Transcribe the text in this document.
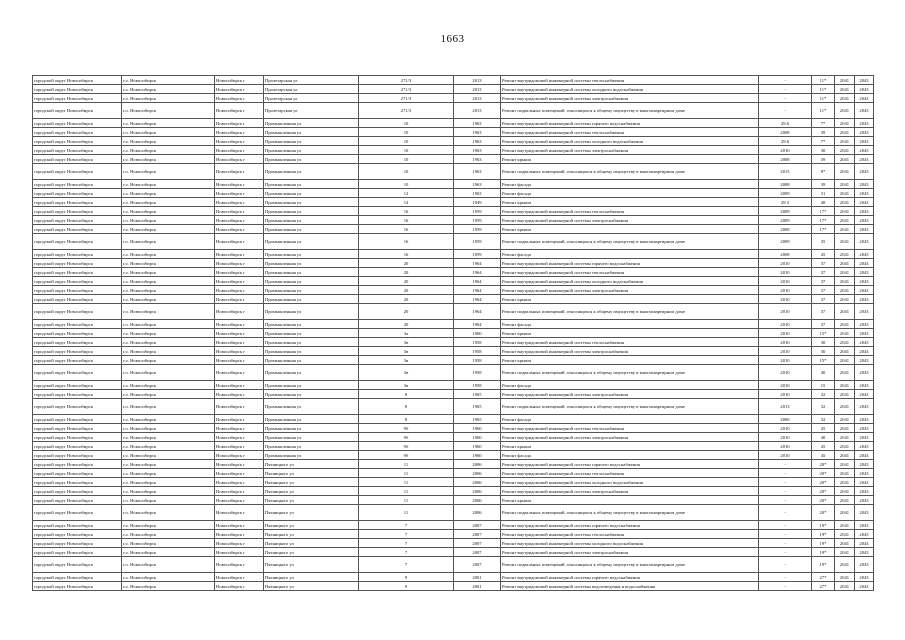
1663
городской округ Новосибирск	г.о. Новосибирск	Новосибирск г	Пролетарская ул	271/3	2013	Ремонт внутридомовой инженерной системы теплоснабжения	-	11*	2041	2043
городской округ Новосибирск	г.о. Новосибирск	Новосибирск г	Пролетарская ул	271/3	2013	Ремонт внутридомовой инженерной системы холодного водоснабжения	-	11*	2041	2043
городской округ Новосибирск	г.о. Новосибирск	Новосибирск г	Пролетарская ул	271/3	2013	Ремонт внутридомовой инженерной системы электроснабжения	-	11*	2041	2043
городской округ Новосибирск	г.о. Новосибирск	Новосибирск г	Пролетарская ул	271/3	2013	Ремонт подвальных помещений, относящихся к общему имуществу в многоквартирном доме	-	11*	2041	2043
городской округ Новосибирск	г.о. Новосибирск	Новосибирск г	Промышленная ул	10	1963	Ремонт внутридомовой инженерной системы горячего водоснабжения	29.6	7*	2041	2043
городской округ Новосибирск	г.о. Новосибирск	Новосибирск г	Промышленная ул	10	1963	Ремонт внутридомовой инженерной системы теплоснабжения	2008	39	2041	2043
городской округ Новосибирск	г.о. Новосибирск	Новосибирск г	Промышленная ул	10	1963	Ремонт внутридомовой инженерной системы холодного водоснабжения	29.6	7*	2041	2043
городской округ Новосибирск	г.о. Новосибирск	Новосибирск г	Промышленная ул	10	1963	Ремонт внутридомовой инженерной системы электроснабжения	2010	30	2041	2043
городской округ Новосибирск	г.о. Новосибирск	Новосибирск г	Промышленная ул	10	1963	Ремонт крыши	2008	39	2041	2043
городской округ Новосибирск	г.о. Новосибирск	Новосибирск г	Промышленная ул	10	1963	Ремонт подвальных помещений, относящихся к общему имуществу в многоквартирном доме	2015	8*	2041	2043
городской округ Новосибирск	г.о. Новосибирск	Новосибирск г	Промышленная ул	10	1963	Ремонт фасада	2008	39	2041	2043
городской округ Новосибирск	г.о. Новосибирск	Новосибирск г	Промышленная ул	12	1963	Ремонт фасада	2009	31	2041	2043
городской округ Новосибирск	г.о. Новосибирск	Новосибирск г	Промышленная ул	14	1949	Ремонт крыши	29.3	48	2041	2043
городской округ Новосибирск	г.о. Новосибирск	Новосибирск г	Промышленная ул	16	1959	Ремонт внутридомовой инженерной системы теплоснабжения	2009	17*	2041	2043
городской округ Новосибирск	г.о. Новосибирск	Новосибирск г	Промышленная ул	16	1959	Ремонт внутридомовой инженерной системы электроснабжения	2009	17*	2041	2043
городской округ Новосибирск	г.о. Новосибирск	Новосибирск г	Промышленная ул	16	1959	Ремонт крыши	2008	17*	2041	2043
городской округ Новосибирск	г.о. Новосибирск	Новосибирск г	Промышленная ул	16	1959	Ремонт подвальных помещений, относящихся к общему имуществу в многоквартирном доме	2009	35	2041	2043
городской округ Новосибирск	г.о. Новосибирск	Новосибирск г	Промышленная ул	16	1959	Ремонт фасада	2008	45	2041	2043
городской округ Новосибирск	г.о. Новосибирск	Новосибирск г	Промышленная ул	20	1964	Ремонт внутридомовой инженерной системы горячего водоснабжения	2010	37	2041	2043
городской округ Новосибирск	г.о. Новосибирск	Новосибирск г	Промышленная ул	20	1964	Ремонт внутридомовой инженерной системы теплоснабжения	2010	37	2041	2043
городской округ Новосибирск	г.о. Новосибирск	Новосибирск г	Промышленная ул	20	1964	Ремонт внутридомовой инженерной системы холодного водоснабжения	2010	37	2041	2043
городской округ Новосибирск	г.о. Новосибирск	Новосибирск г	Промышленная ул	20	1964	Ремонт внутридомовой инженерной системы электроснабжения	2010	37	2041	2043
городской округ Новосибирск	г.о. Новосибирск	Новосибирск г	Промышленная ул	20	1964	Ремонт крыши	2010	37	2041	2043
городской округ Новосибирск	г.о. Новосибирск	Новосибирск г	Промышленная ул	20	1964	Ремонт подвальных помещений, относящихся к общему имуществу в многоквартирном доме	2010	37	2041	2043
городской округ Новосибирск	г.о. Новосибирск	Новосибирск г	Промышленная ул	20	1964	Ремонт фасада	2010	37	2041	2043
городской округ Новосибирск	г.о. Новосибирск	Новосибирск г	Промышленная ул	3а	1960	Ремонт крыши	2010	15*	2041	2043
городской округ Новосибирск	г.о. Новосибирск	Новосибирск г	Промышленная ул	3в	1958	Ремонт внутридомовой инженерной системы теплоснабжения	2010	30	2041	2043
городской округ Новосибирск	г.о. Новосибирск	Новосибирск г	Промышленная ул	3в	1958	Ремонт внутридомовой инженерной системы электроснабжения	2010	30	2041	2043
городской округ Новосибирск	г.о. Новосибирск	Новосибирск г	Промышленная ул	3в	1958	Ремонт крыши	2010	15*	2041	2043
городской округ Новосибирск	г.о. Новосибирск	Новосибирск г	Промышленная ул	3в	1958	Ремонт подвальных помещений, относящихся к общему имуществу в многоквартирном доме	2010	40	2041	2043
городской округ Новосибирск	г.о. Новосибирск	Новосибирск г	Промышленная ул	3в	1958	Ремонт фасада	2010	15	2041	2043
городской округ Новосибирск	г.о. Новосибирск	Новосибирск г	Промышленная ул	8	1965	Ремонт внутридомовой инженерной системы электроснабжения	2010	32	2041	2043
городской округ Новосибирск	г.о. Новосибирск	Новосибирск г	Промышленная ул	8	1965	Ремонт подвальных помещений, относящихся к общему имуществу в многоквартирном доме	2013	32	2041	2043
городской округ Новосибирск	г.о. Новосибирск	Новосибирск г	Промышленная ул	8	1965	Ремонт фасада	2006	32	2041	2043
городской округ Новосибирск	г.о. Новосибирск	Новосибирск г	Промышленная ул	9б	1960	Ремонт внутридомовой инженерной системы теплоснабжения	2010	45	2041	2043
городской округ Новосибирск	г.о. Новосибирск	Новосибирск г	Промышленная ул	9б	1960	Ремонт внутридомовой инженерной системы электроснабжения	2010	40	2041	2043
городской округ Новосибирск	г.о. Новосибирск	Новосибирск г	Промышленная ул	9б	1960	Ремонт крыши	2010	45	2041	2043
городской округ Новосибирск	г.о. Новосибирск	Новосибирск г	Промышленная ул	9б	1960	Ремонт фасада	2010	45	2041	2043
городской округ Новосибирск	г.о. Новосибирск	Новосибирск г	Пятницкого ул	11	2006	Ремонт внутридомовой инженерной системы горячего водоснабжения	-	20*	2041	2043
городской округ Новосибирск	г.о. Новосибирск	Новосибирск г	Пятницкого ул	11	2006	Ремонт внутридомовой инженерной системы теплоснабжения	-	20*	2041	2043
городской округ Новосибирск	г.о. Новосибирск	Новосибирск г	Пятницкого ул	11	2006	Ремонт внутридомовой инженерной системы холодного водоснабжения	-	20*	2041	2043
городской округ Новосибирск	г.о. Новосибирск	Новосибирск г	Пятницкого ул	11	2006	Ремонт внутридомовой инженерной системы электроснабжения	-	20*	2041	2043
городской округ Новосибирск	г.о. Новосибирск	Новосибирск г	Пятницкого ул	11	2006	Ремонт крыши	-	20*	2041	2043
городской округ Новосибирск	г.о. Новосибирск	Новосибирск г	Пятницкого ул	11	2006	Ремонт подвальных помещений, относящихся к общему имуществу в многоквартирном доме	-	20*	2041	2043
городской округ Новосибирск	г.о. Новосибирск	Новосибирск г	Пятницкого ул	7	2007	Ремонт внутридомовой инженерной системы горячего водоснабжения	-	19*	2041	2043
городской округ Новосибирск	г.о. Новосибирск	Новосибирск г	Пятницкого ул	7	2007	Ремонт внутридомовой инженерной системы теплоснабжения	-	19*	2041	2043
городской округ Новосибирск	г.о. Новосибирск	Новосибирск г	Пятницкого ул	7	2007	Ремонт внутридомовой инженерной системы холодного водоснабжения	-	19*	2041	2043
городской округ Новосибирск	г.о. Новосибирск	Новосибирск г	Пятницкого ул	7	2007	Ремонт внутридомовой инженерной системы электроснабжения	-	19*	2041	2043
городской округ Новосибирск	г.о. Новосибирск	Новосибирск г	Пятницкого ул	7	2007	Ремонт подвальных помещений, относящихся к общему имуществу в многоквартирном доме	-	19*	2041	2043
городской округ Новосибирск	г.о. Новосибирск	Новосибирск г	Пятницкого ул	9	2001	Ремонт внутридомовой инженерной системы горячего водоснабжения	-	27*	2041	2043
городской округ Новосибирск	г.о. Новосибирск	Новосибирск г	Пятницкого ул	9	2001	Ремонт внутридомовой инженерной системы водоотведения и водоснабжения	-	27*	2041	2043
